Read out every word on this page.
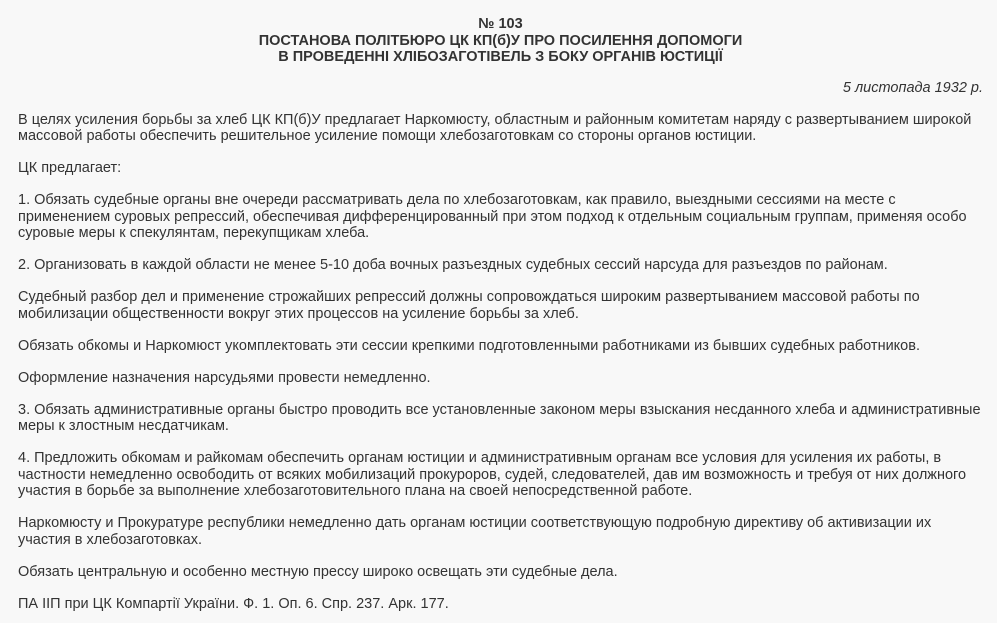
№ 103
ПОСТАНОВА ПОЛІТБЮРО ЦК КП(б)У ПРО ПОСИЛЕННЯ ДОПОМОГИ
В ПРОВЕДЕННІ ХЛІБОЗАГОТІВЕЛЬ З БОКУ ОРГАНІВ ЮСТИЦІЇ
5 листопада 1932 р.

В целях усиления борьбы за хлеб ЦК КП(б)У предлагает Наркомюсту, областным и районным комитетам наряду с развертыванием широкой массовой работы обеспечить решительное усиление помощи хлебозаготовкам со стороны органов юстиции.

ЦК предлагает:

1. Обязать судебные органы вне очереди рассматривать дела по хлебозаготовкам, как правило, выездными сессиями на месте с применением суровых репрессий, обеспечивая дифференцированный при этом подход к отдельным социальным группам, применяя особо суровые меры к спекулянтам, перекупщикам хлеба.

2. Организовать в каждой области не менее 5-10 доба вочных разъездных судебных сессий нарсуда для разъездов по районам.

Судебный разбор дел и применение строжайших репрессий должны сопровождаться широким развертыванием массовой работы по мобилизации общественности вокруг этих процессов на усиление борьбы за хлеб.

Обязать обкомы и Наркомюст укомплектовать эти сессии крепкими подготовленными работниками из бывших судебных работников.

Оформление назначения нарсудьями провести немедленно.

3. Обязать административные органы быстро проводить все установленные законом меры взыскания несданного хлеба и административные меры к злостным несдатчикам.

4. Предложить обкомам и райкомам обеспечить органам юстиции и административным органам все условия для усиления их работы, в частности немедленно освободить от всяких мобилизаций прокуроров, судей, следователей, дав им возможность и требуя от них должного участия в борьбе за выполнение хлебозаготовительного плана на своей непосредственной работе.

Наркомюсту и Прокуратуре республики немедленно дать органам юстиции соответствующую подробную директиву об активизации их участия в хлебозаготовках.

Обязать центральную и особенно местную прессу широко освещать эти судебные дела.

ПА ІІП при ЦК Компартії України. Ф. 1. Оп. 6. Спр. 237. Арк. 177.
